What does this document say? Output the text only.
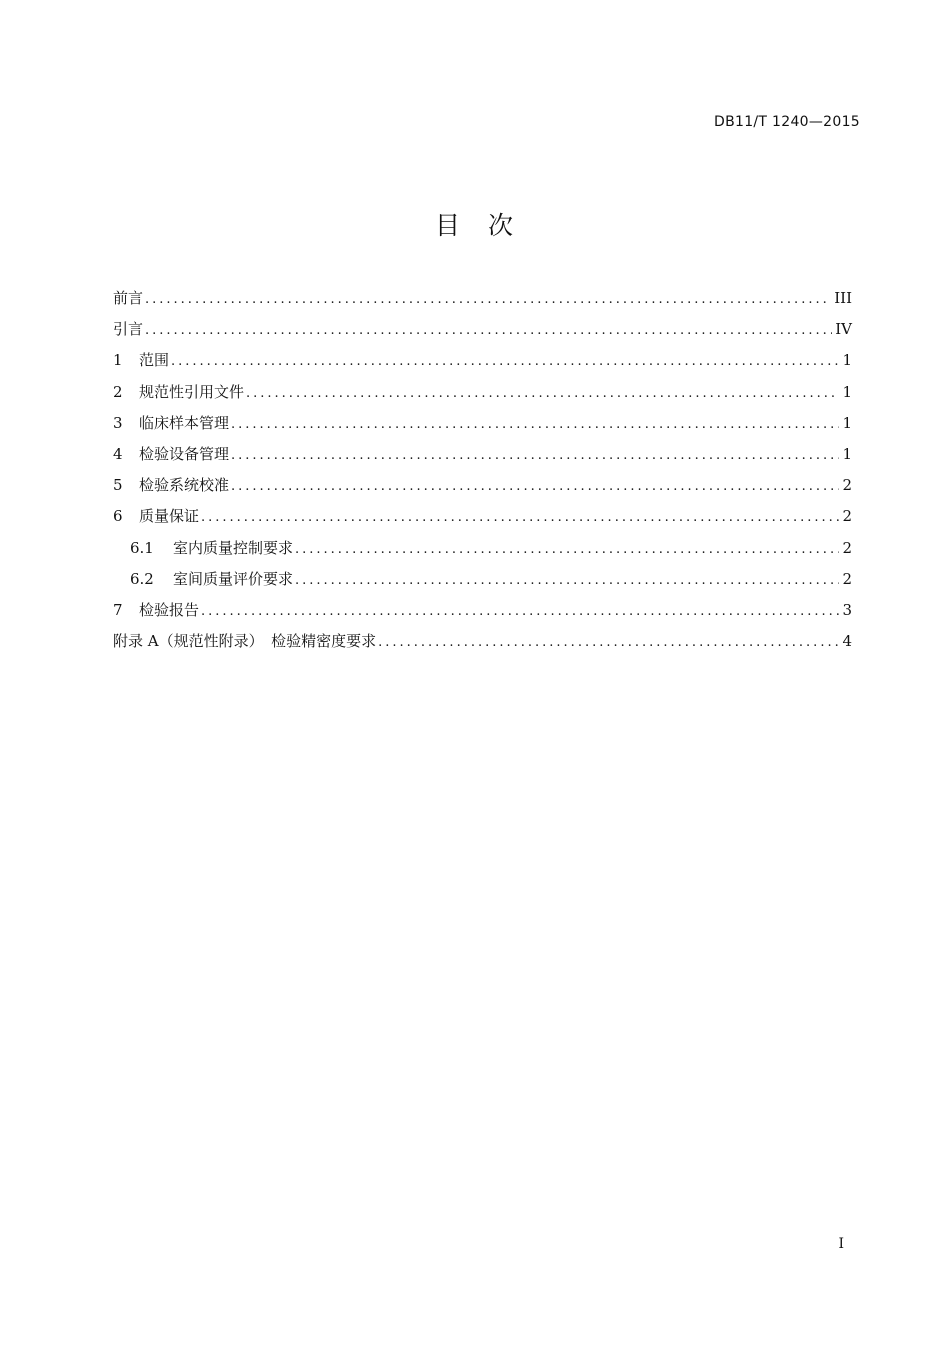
DB11/T 1240—2015
目 次
前言 .....	III
引言 .....	IV
1	范围 .....	1
2	规范性引用文件 .....	1
3	临床样本管理 .....	1
4	检验设备管理 .....	1
5	检验系统校准 .....	2
6	质量保证 .....	2
6.1	室内质量控制要求 .....	2
6.2	室间质量评价要求 .....	2
7	检验报告 .....	3
附录 A（规范性附录）　检验精密度要求 .....	4
I
